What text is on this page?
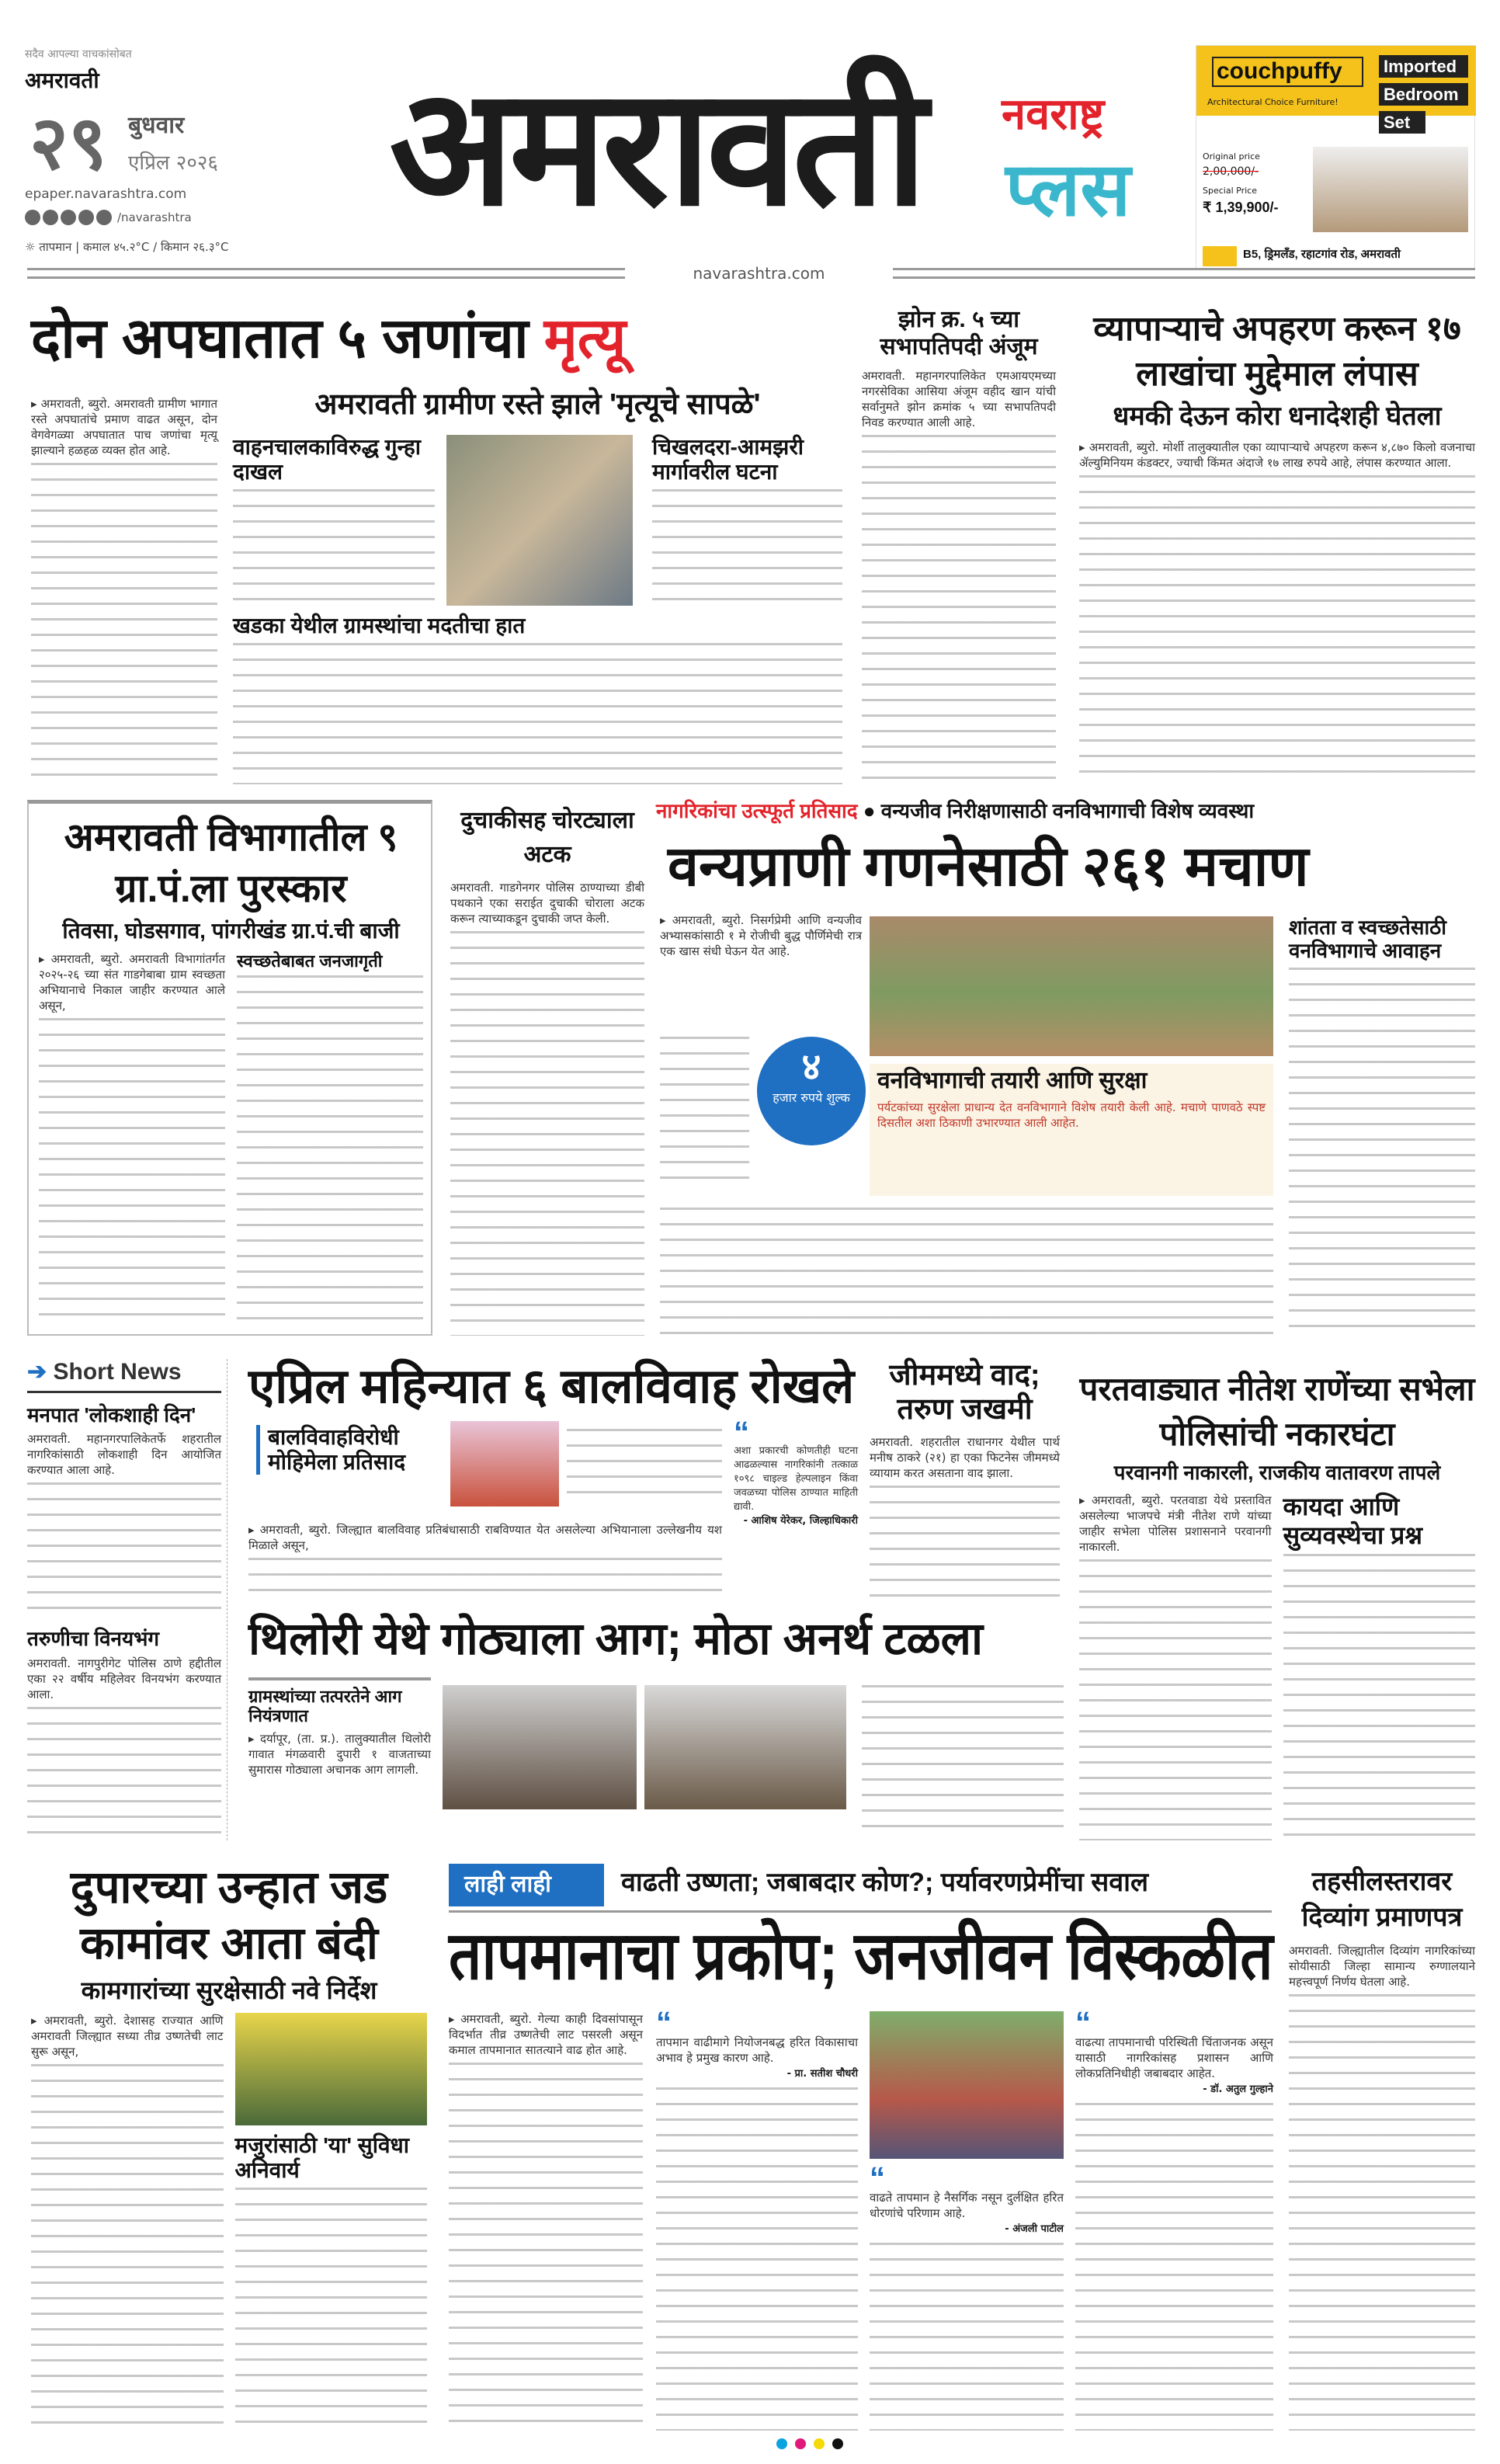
सदैव आपल्या वाचकांसोबत
अमरावती
२९ बुधवार
एप्रिल २०२६
epaper.navarashtra.com
/navarashtra
☼ तापमान | कमाल ४५.२°C / किमान २६.३°C
अमरावती	नवराष्ट्र
प्लस
couchpuffy
Architectural Choice Furniture!
Imported
Bedroom
Set
Original price
2,00,000/-
Special Price
₹ 1,39,900/-
B5, ड्रिमलँड, रहाटगांव रोड, अमरावती
navarashtra.com
दोन अपघातात ५ जणांचा मृत्यू
अमरावती ग्रामीण रस्ते झाले 'मृत्यूचे सापळे'
▸ अमरावती, ब्युरो. अमरावती ग्रामीण भागात रस्ते अपघातांचे प्रमाण वाढत असून, दोन वेगवेगळ्या अपघातात पाच जणांचा मृत्यू झाल्याने हळहळ व्यक्त होत आहे.	वाहनचालकाविरुद्ध गुन्हा दाखल
चिखलदरा-आमझरी मार्गावरील घटना
खडका येथील ग्रामस्थांचा मदतीचा हात
झोन क्र. ५ च्या सभापतिपदी अंजूम
अमरावती. महानगरपालिकेत एमआयएमच्या नगरसेविका आसिया अंजूम वहीद खान यांची सर्वानुमते झोन क्रमांक ५ च्या सभापतिपदी निवड करण्यात आली आहे.
व्यापाऱ्याचे अपहरण करून १७ लाखांचा मुद्देमाल लंपास
धमकी देऊन कोरा धनादेशही घेतला
▸ अमरावती, ब्युरो. मोर्शी तालुक्यातील एका व्यापाऱ्याचे अपहरण करून ४,८७० किलो वजनाचा ॲल्युमिनियम कंडक्टर, ज्याची किंमत अंदाजे १७ लाख रुपये आहे, लंपास करण्यात आला.
अमरावती विभागातील ९ ग्रा.पं.ला पुरस्कार
तिवसा, घोडसगाव, पांगरीखंड ग्रा.पं.ची बाजी
▸ अमरावती, ब्युरो. अमरावती विभागांतर्गत २०२५-२६ च्या संत गाडगेबाबा ग्राम स्वच्छता अभियानाचे निकाल जाहीर करण्यात आले असून,
स्वच्छतेबाबत जनजागृती
दुचाकीसह चोरट्याला अटक
अमरावती. गाडगेनगर पोलिस ठाण्याच्या डीबी पथकाने एका सराईत दुचाकी चोराला अटक करून त्याच्याकडून दुचाकी जप्त केली.
नागरिकांचा उत्स्फूर्त प्रतिसाद ● वन्यजीव निरीक्षणासाठी वनविभागाची विशेष व्यवस्था
वन्यप्राणी गणनेसाठी २६१ मचाण
▸ अमरावती, ब्युरो. निसर्गप्रेमी आणि वन्यजीव अभ्यासकांसाठी १ मे रोजीची बुद्ध पौर्णिमेची रात्र एक खास संधी घेऊन येत आहे.
४
हजार रुपये शुल्क
वनविभागाची तयारी आणि सुरक्षा
पर्यटकांच्या सुरक्षेला प्राधान्य देत वनविभागाने विशेष तयारी केली आहे. मचाणे पाणवठे स्पष्ट दिसतील अशा ठिकाणी उभारण्यात आली आहेत.
शांतता व स्वच्छतेसाठी वनविभागाचे आवाहन
➔ Short News
मनपात 'लोकशाही दिन'
अमरावती. महानगरपालिकेतर्फे शहरातील नागरिकांसाठी लोकशाही दिन आयोजित करण्यात आला आहे.
तरुणीचा विनयभंग
अमरावती. नागपुरीगेट पोलिस ठाणे हद्दीतील एका २२ वर्षीय महिलेवर विनयभंग करण्यात आला.
एप्रिल महिन्यात ६ बालविवाह रोखले
बालविवाहविरोधी मोहिमेला प्रतिसाद
▸ अमरावती, ब्युरो. जिल्ह्यात बालविवाह प्रतिबंधासाठी राबविण्यात येत असलेल्या अभियानाला उल्लेखनीय यश मिळाले असून,
“
अशा प्रकारची कोणतीही घटना आढळल्यास नागरिकांनी तत्काळ १०९८ चाइल्ड हेल्पलाइन किंवा जवळच्या पोलिस ठाण्यात माहिती द्यावी.
- आशिष येरेकर, जिल्हाधिकारी
जीममध्ये वाद; तरुण जखमी
अमरावती. शहरातील राधानगर येथील पार्थ मनीष ठाकरे (२१) हा एका फिटनेस जीममध्ये व्यायाम करत असताना वाद झाला.
परतवाड्यात नीतेश राणेंच्या सभेला पोलिसांची नकारघंटा
परवानगी नाकारली, राजकीय वातावरण तापले
▸ अमरावती, ब्युरो. परतवाडा येथे प्रस्तावित असलेल्या भाजपचे मंत्री नीतेश राणे यांच्या जाहीर सभेला पोलिस प्रशासनाने परवानगी नाकारली.
कायदा आणि सुव्यवस्थेचा प्रश्न
थिलोरी येथे गोठ्याला आग; मोठा अनर्थ टळला
ग्रामस्थांच्या तत्परतेने आग नियंत्रणात
▸ दर्यापूर, (ता. प्र.). तालुक्यातील थिलोरी गावात मंगळवारी दुपारी १ वाजताच्या सुमारास गोठ्याला अचानक आग लागली.
दुपारच्या उन्हात जड कामांवर आता बंदी
कामगारांच्या सुरक्षेसाठी नवे निर्देश
▸ अमरावती, ब्युरो. देशासह राज्यात आणि अमरावती जिल्ह्यात सध्या तीव्र उष्णतेची लाट सुरू असून,
मजुरांसाठी 'या' सुविधा अनिवार्य
लाही लाही	वाढती उष्णता; जबाबदार कोण?; पर्यावरणप्रेमींचा सवाल
तापमानाचा प्रकोप; जनजीवन विस्कळीत
▸ अमरावती, ब्युरो. गेल्या काही दिवसांपासून विदर्भात तीव्र उष्णतेची लाट पसरली असून कमाल तापमानात सातत्याने वाढ होत आहे.
“
तापमान वाढीमागे नियोजनबद्ध हरित विकासाचा अभाव हे प्रमुख कारण आहे.
- प्रा. सतीश चौधरी
“
वाढते तापमान हे नैसर्गिक नसून दुर्लक्षित हरित धोरणांचे परिणाम आहे.
- अंजली पाटील
“
वाढत्या तापमानाची परिस्थिती चिंताजनक असून यासाठी नागरिकांसह प्रशासन आणि लोकप्रतिनिधीही जबाबदार आहेत.
- डॉ. अतुल गुल्हाने
तहसीलस्तरावर दिव्यांग प्रमाणपत्र
अमरावती. जिल्ह्यातील दिव्यांग नागरिकांच्या सोयीसाठी जिल्हा सामान्य रुग्णालयाने महत्त्वपूर्ण निर्णय घेतला आहे.
